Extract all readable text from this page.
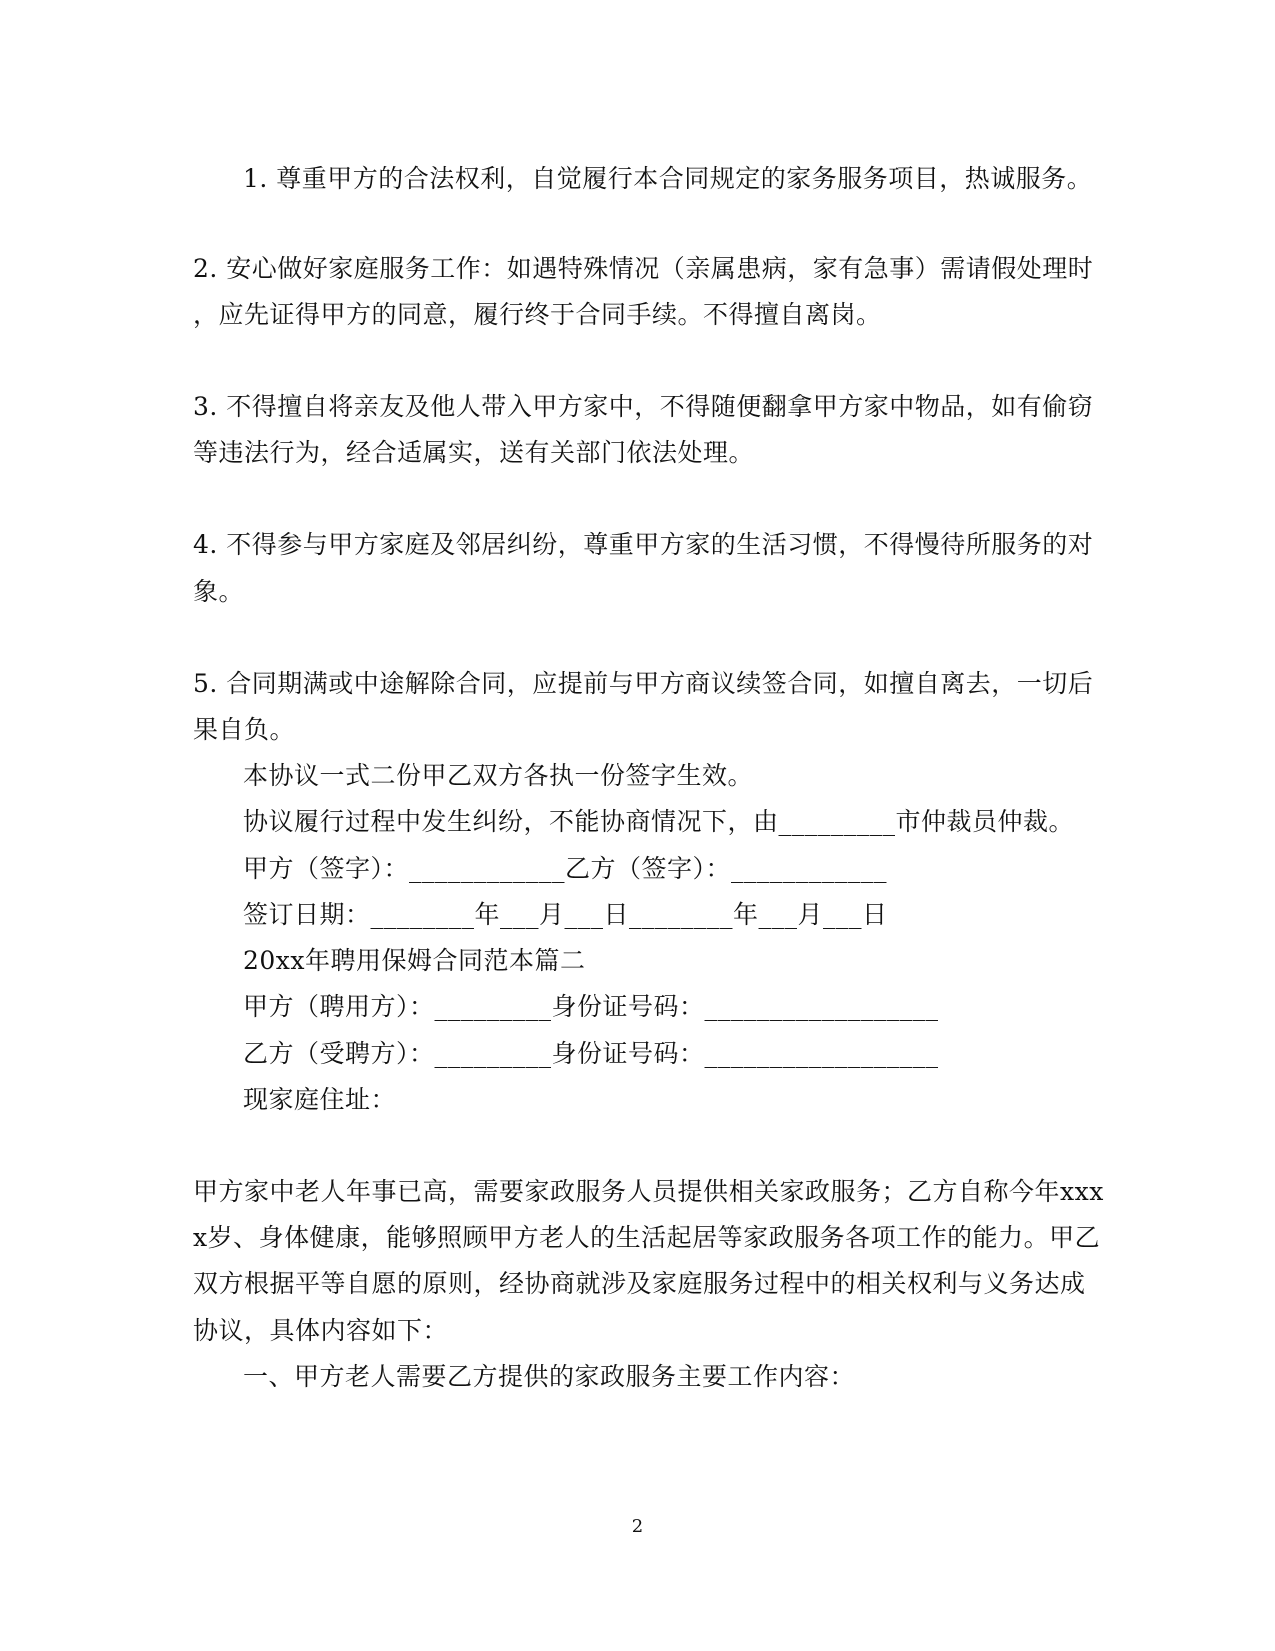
1. 尊重甲方的合法权利，自觉履行本合同规定的家务服务项目，热诚服务。
2. 安心做好家庭服务工作：如遇特殊情况（亲属患病，家有急事）需请假处理时
，应先证得甲方的同意，履行终于合同手续。不得擅自离岗。
3. 不得擅自将亲友及他人带入甲方家中，不得随便翻拿甲方家中物品，如有偷窃
等违法行为，经合适属实，送有关部门依法处理。
4. 不得参与甲方家庭及邻居纠纷，尊重甲方家的生活习惯，不得慢待所服务的对
象。
5. 合同期满或中途解除合同，应提前与甲方商议续签合同，如擅自离去，一切后
果自负。
本协议一式二份甲乙双方各执一份签字生效。
协议履行过程中发生纠纷，不能协商情况下，由_________市仲裁员仲裁。
甲方（签字）：____________乙方（签字）：____________
签订日期：________年___月___日________年___月___日
20xx年聘用保姆合同范本篇二
甲方（聘用方）：_________身份证号码：__________________
乙方（受聘方）：_________身份证号码：__________________
现家庭住址：
甲方家中老人年事已高，需要家政服务人员提供相关家政服务；乙方自称今年xxx
x岁、身体健康，能够照顾甲方老人的生活起居等家政服务各项工作的能力。甲乙
双方根据平等自愿的原则，经协商就涉及家庭服务过程中的相关权利与义务达成
协议，具体内容如下：
一、甲方老人需要乙方提供的家政服务主要工作内容：
2
